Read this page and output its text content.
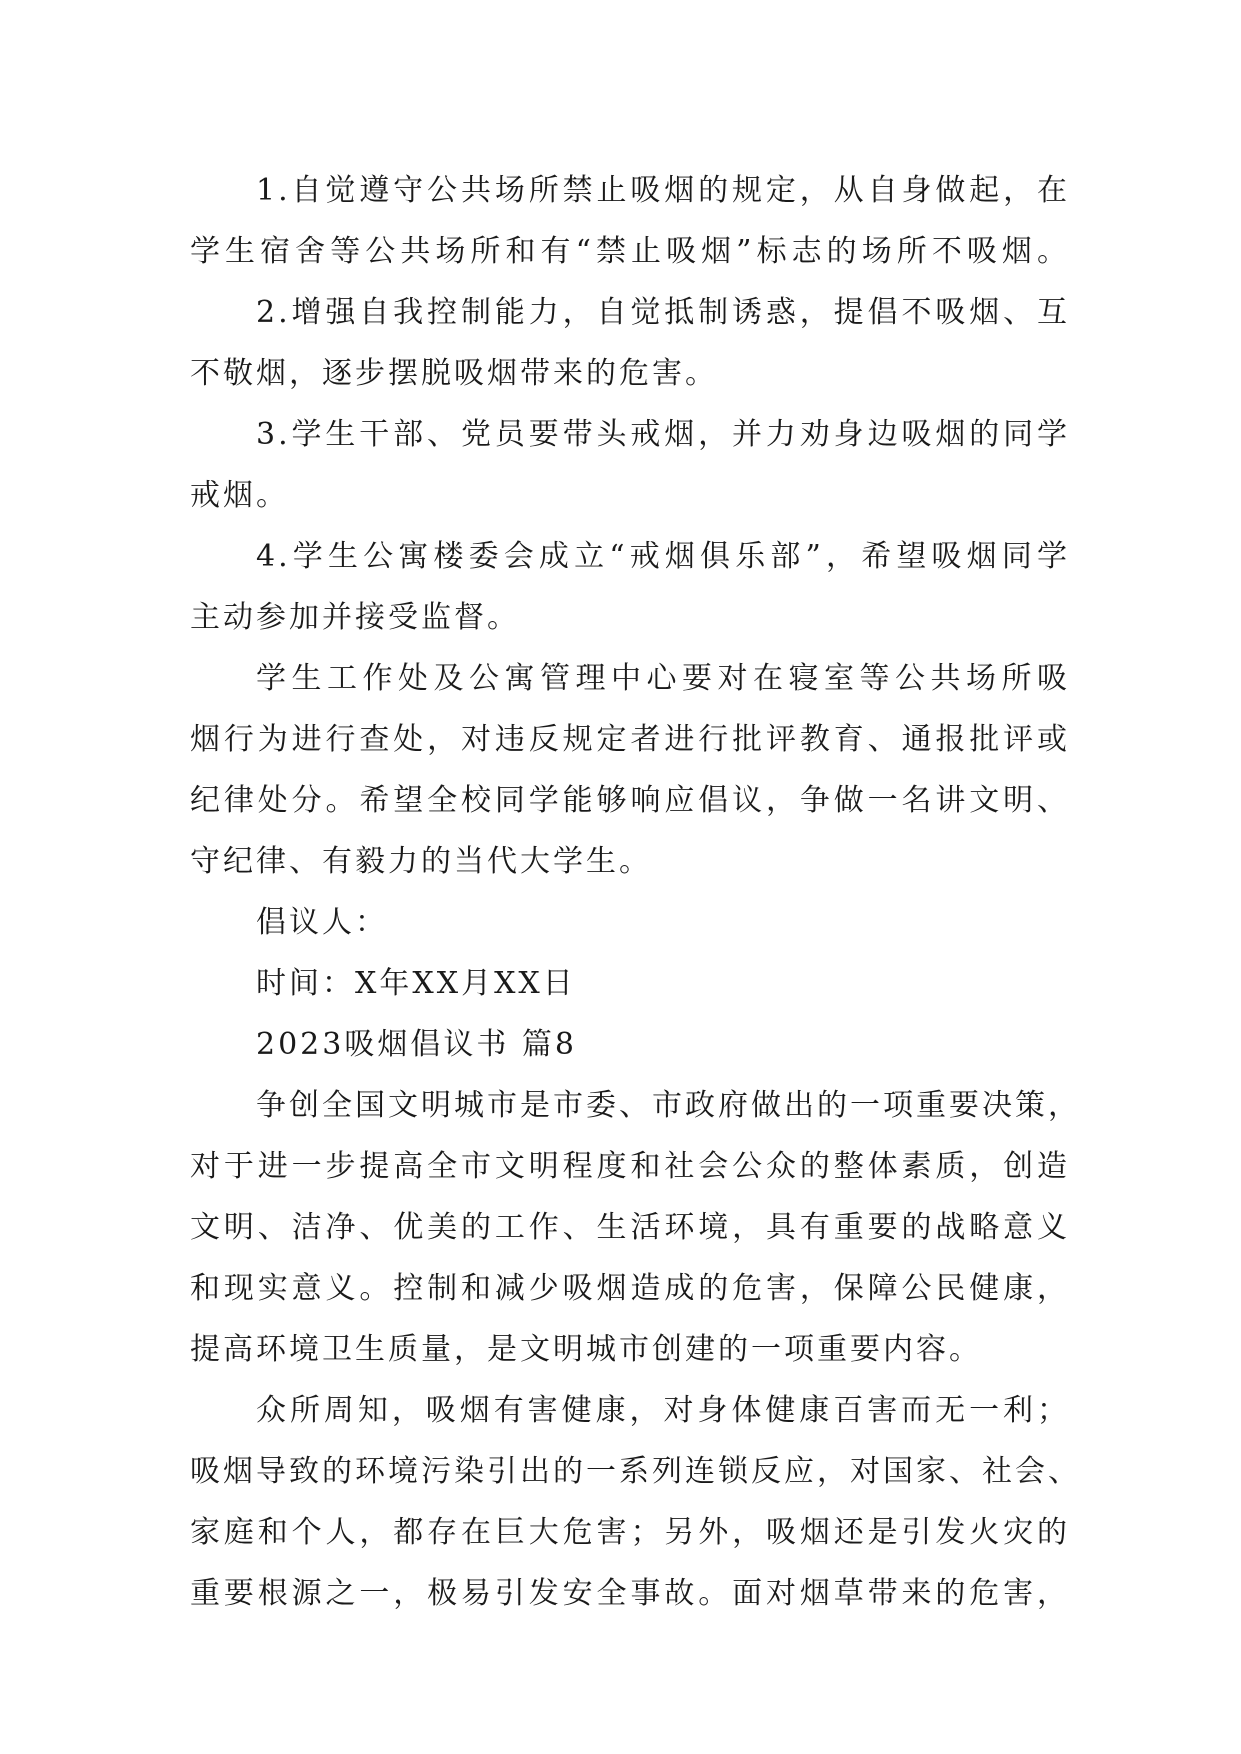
1.自觉遵守公共场所禁止吸烟的规定，从自身做起，在
学生宿舍等公共场所和有“禁止吸烟”标志的场所不吸烟。
2.增强自我控制能力，自觉抵制诱惑，提倡不吸烟、互
不敬烟，逐步摆脱吸烟带来的危害。
3.学生干部、党员要带头戒烟，并力劝身边吸烟的同学
戒烟。
4.学生公寓楼委会成立“戒烟俱乐部”，希望吸烟同学
主动参加并接受监督。
学生工作处及公寓管理中心要对在寝室等公共场所吸
烟行为进行查处，对违反规定者进行批评教育、通报批评或
纪律处分。希望全校同学能够响应倡议，争做一名讲文明、
守纪律、有毅力的当代大学生。
倡议人：
时间：X年XX月XX日
2023吸烟倡议书 篇8
争创全国文明城市是市委、市政府做出的一项重要决策，
对于进一步提高全市文明程度和社会公众的整体素质，创造
文明、洁净、优美的工作、生活环境，具有重要的战略意义
和现实意义。控制和减少吸烟造成的危害，保障公民健康，
提高环境卫生质量，是文明城市创建的一项重要内容。
众所周知，吸烟有害健康，对身体健康百害而无一利；
吸烟导致的环境污染引出的一系列连锁反应，对国家、社会、
家庭和个人，都存在巨大危害；另外，吸烟还是引发火灾的
重要根源之一，极易引发安全事故。面对烟草带来的危害，
